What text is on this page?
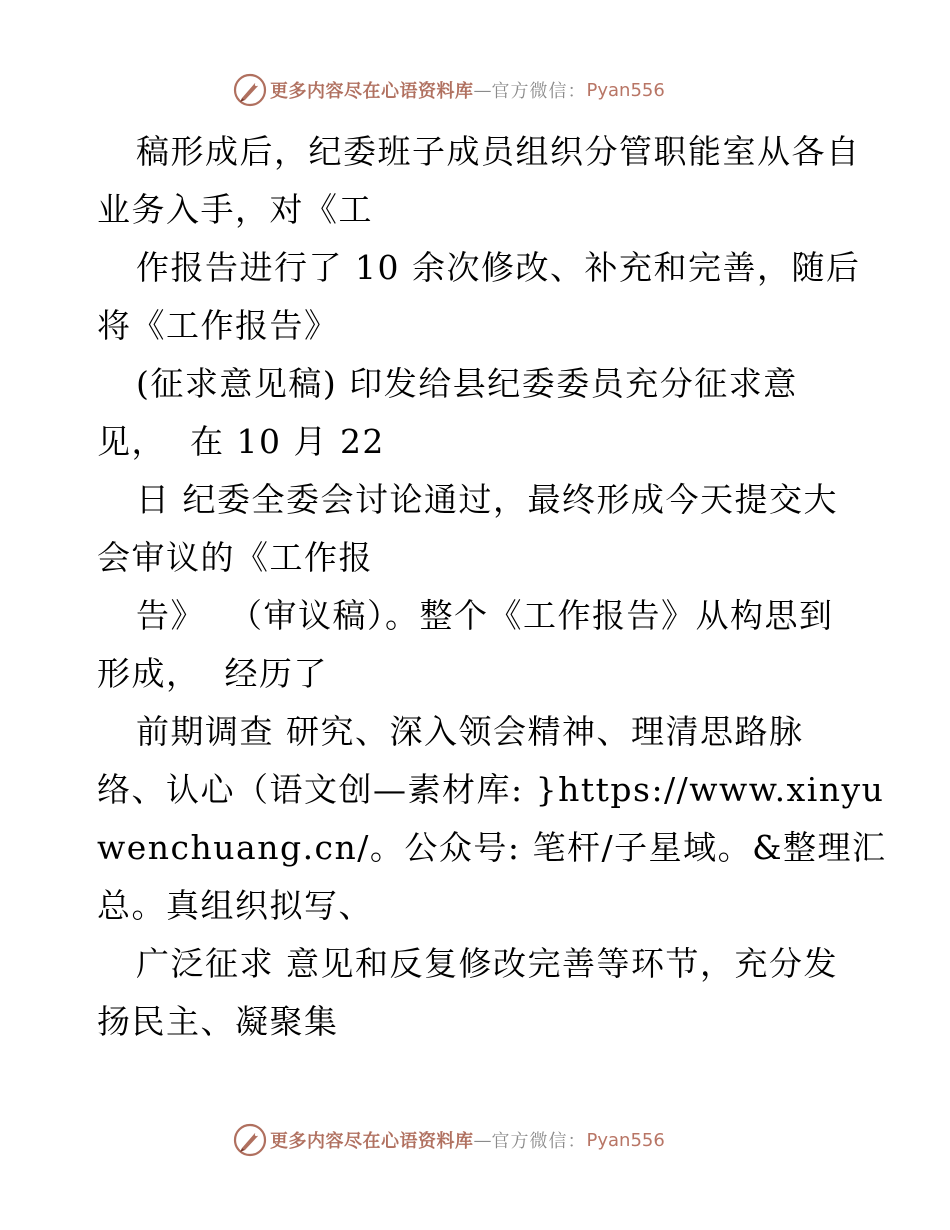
更多内容尽在心语资料库 — 官方微信： Pyan556
稿形成后，纪委班子成员组织分管职能室从各自
业务入手，对《工
作报告进行了 10 余次修改、补充和完善，随后
将《工作报告》
(征求意见稿) 印发给县纪委委员充分征求意
见，  在 10 月 22
日 纪委全委会讨论通过，最终形成今天提交大
会审议的《工作报
告》  （审议稿）。整个《工作报告》从构思到
形成，  经历了
前期调查 研究、深入领会精神、理清思路脉
络、认心（语文创—素材库: }https://www.xinyu
wenchuang.cn/。公众号: 笔杆/子星域。&整理汇
总。真组织拟写、
广泛征求 意见和反复修改完善等环节，充分发
扬民主、凝聚集
更多内容尽在心语资料库 — 官方微信： Pyan556
